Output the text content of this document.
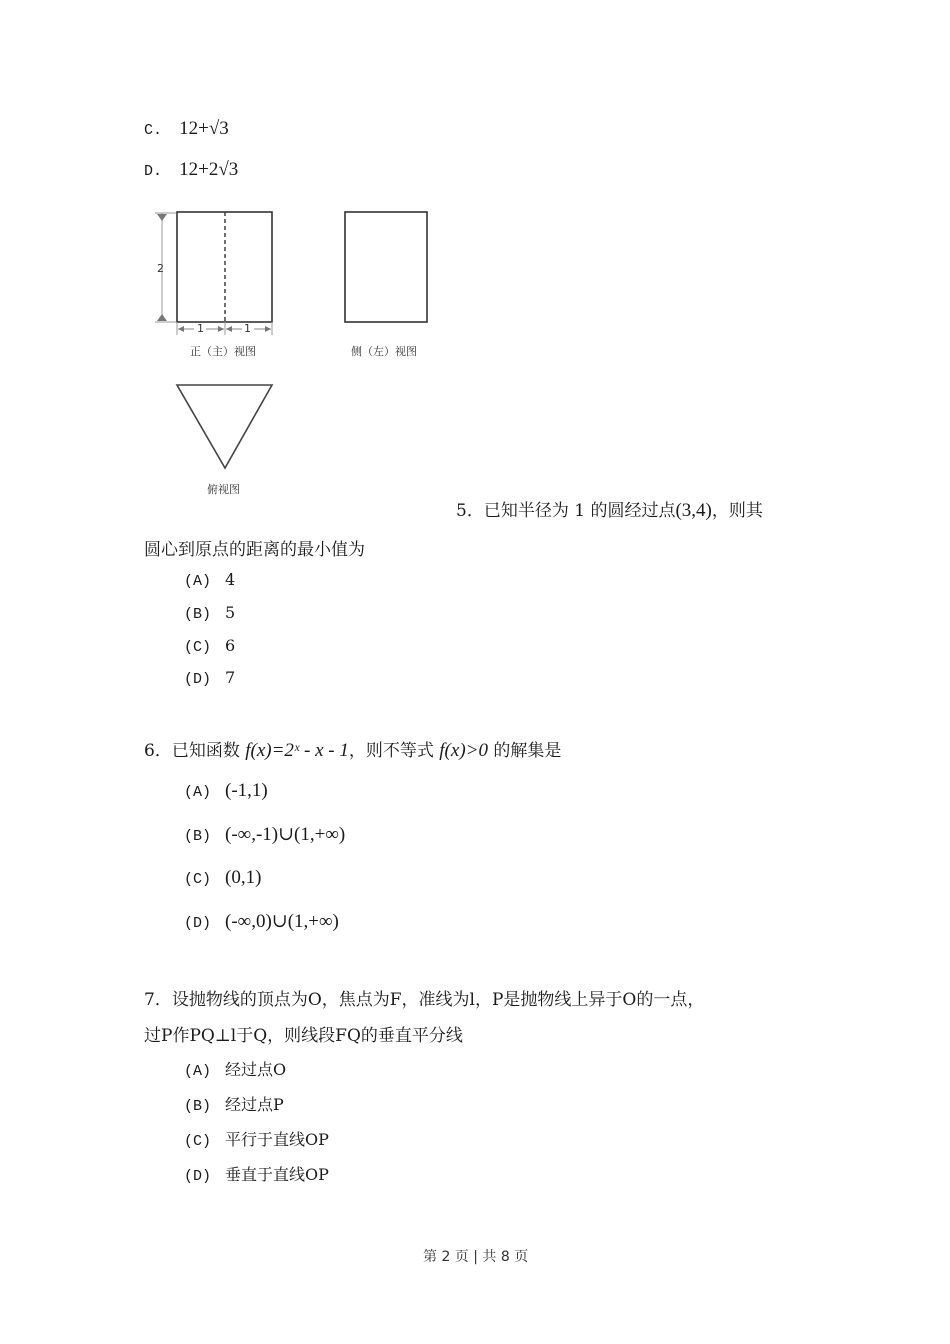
C. 12+√3
D. 12+2√3
2
1	1
正（主）视图	侧（左）视图
俯视图
5．已知半径为 1 的圆经过点(3,4)，则其
圆心到原点的距离的最小值为
(A) 4
(B) 5
(C) 6
(D) 7
6．已知函数 f(x)=2ˣ - x - 1，则不等式 f(x)>0 的解集是
(A) (-1,1)
(B) (-∞,-1)∪(1,+∞)
(C) (0,1)
(D) (-∞,0)∪(1,+∞)
7．设抛物线的顶点为O，焦点为F，准线为l，P是抛物线上异于O的一点，
过P作PQ⊥l于Q，则线段FQ的垂直平分线
(A) 经过点O
(B) 经过点P
(C) 平行于直线OP
(D) 垂直于直线OP
第 2 页 | 共 8 页
